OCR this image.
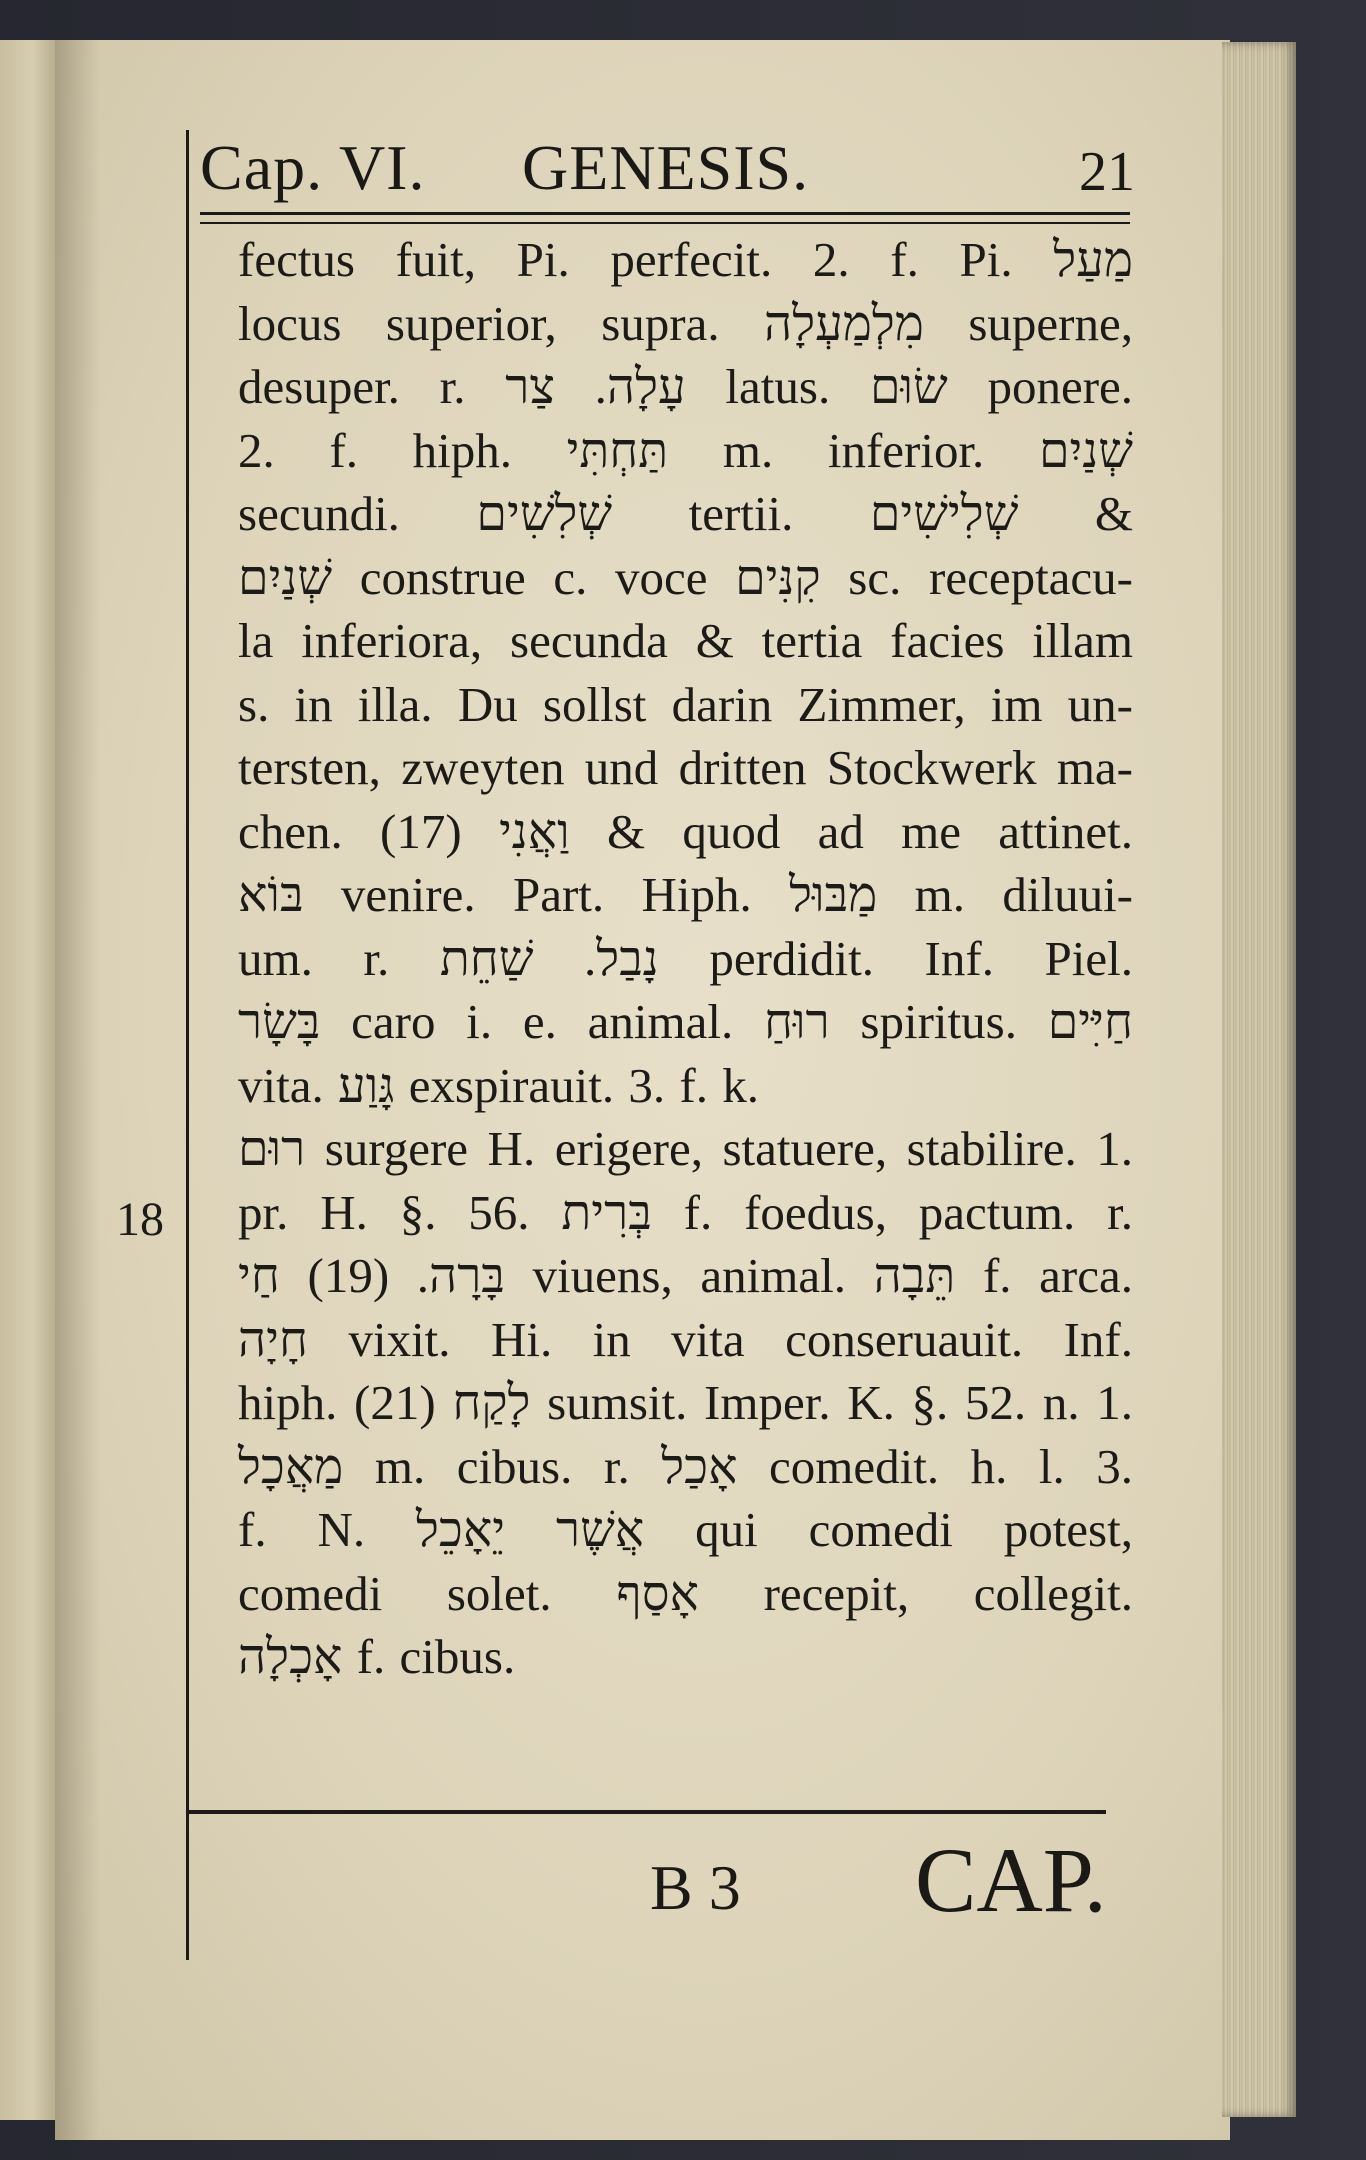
Cap. VI. GENESIS.	21
18
fectus fuit, Pi. perfecit. 2. f. Pi. מַעַל
locus superior, supra. מִלְמַעְלָה superne,
desuper. r. עָלָה. צַר latus. שׂוּם ponere.
2. f. hiph. תַּחְתִּי m. inferior. שְׁנַיִם
secundi. שְׁלִשִׁים tertii. שְׁלִישִׁים &
שְׁנַיִם construe c. voce קִנִּים sc. receptacu-
la inferiora, secunda & tertia facies illam
s. in illa. Du sollst darin Zimmer, im un-
tersten, zweyten und dritten Stockwerk ma-
chen. (17) וַאֲנִי & quod ad me attinet.
בּוֹא venire. Part. Hiph. מַבּוּל m. diluui-
um. r. נָבַל. שַׁחֵת perdidit. Inf. Piel.
בָּשָׂר caro i. e. animal. רוּחַ spiritus. חַיִּים
vita. גָּוַע exspirauit. 3. f. k.
רוּם surgere H. erigere, statuere, stabilire. 1.
pr. H. §. 56. בְּרִית f. foedus, pactum. r.
בָּרָה. (19) חַי viuens, animal. תֵּבָה f. arca.
חָיָה vixit. Hi. in vita conseruauit. Inf.
hiph. (21) לָקַח sumsit. Imper. K. §. 52. n. 1.
מַאֲכָל m. cibus. r. אָכַל comedit. h. l. 3.
f. N. אֲשֶׁר יֵאָכֵל qui comedi potest,
comedi solet. אָסַף recepit, collegit.
אָכְלָה f. cibus.
B 3 CAP.
